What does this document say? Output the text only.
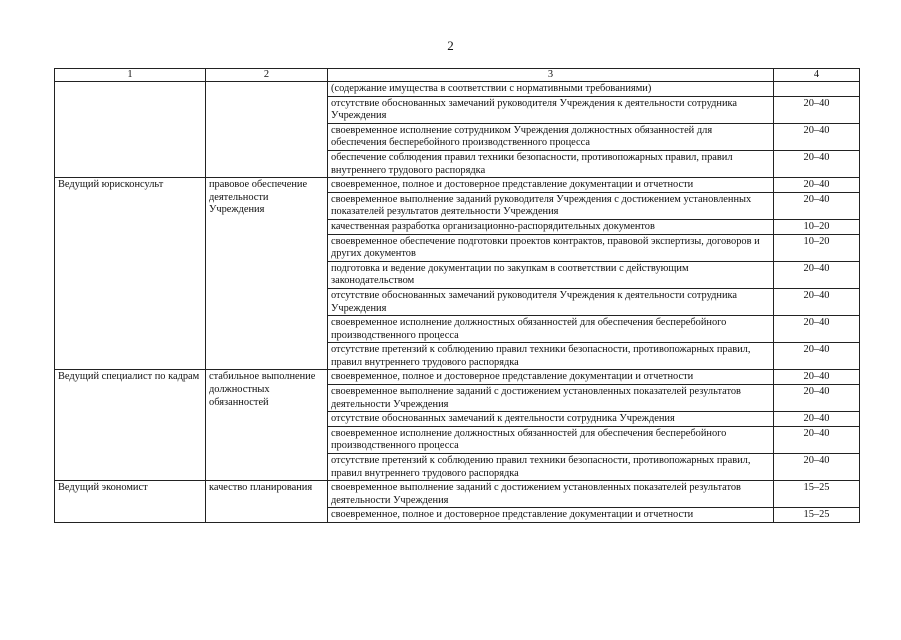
2
1	2	3	4
		(содержание имущества в соответствии с нормативными требованиями)	
		отсутствие обоснованных замечаний руководителя Учреждения к деятельности сотрудника Учреждения	20–40
		своевременное исполнение сотрудником Учреждения должностных обязанностей для обеспечения бесперебойного производственного процесса	20–40
		обеспечение соблюдения правил техники безопасности, противопожарных правил, правил внутреннего трудового распорядка	20–40
Ведущий юрисконсульт	правовое обеспечение деятельности Учреждения	своевременное, полное и достоверное представление документации и отчетности	20–40
		своевременное выполнение заданий руководителя Учреждения с достижением установленных показателей результатов деятельности Учреждения	20–40
		качественная разработка организационно-распорядительных документов	10–20
		своевременное обеспечение подготовки проектов контрактов, правовой экспертизы, договоров и других документов	10–20
		подготовка и ведение документации по закупкам в соответствии с действующим законодательством	20–40
		отсутствие обоснованных замечаний руководителя Учреждения к деятельности сотрудника Учреждения	20–40
		своевременное исполнение должностных обязанностей для обеспечения бесперебойного производственного процесса	20–40
		отсутствие претензий к соблюдению правил техники безопасности, противопожарных правил, правил внутреннего трудового распорядка	20–40
Ведущий специалист по кадрам	стабильное выполнение должностных обязанностей	своевременное, полное и достоверное представление документации и отчетности	20–40
		своевременное выполнение заданий с достижением установленных показателей результатов деятельности Учреждения	20–40
		отсутствие обоснованных замечаний к деятельности сотрудника Учреждения	20–40
		своевременное исполнение должностных обязанностей для обеспечения бесперебойного производственного процесса	20–40
		отсутствие претензий к соблюдению правил техники безопасности, противопожарных правил, правил внутреннего трудового распорядка	20–40
Ведущий экономист	качество планирования	своевременное выполнение заданий с достижением установленных показателей результатов деятельности Учреждения	15–25
		своевременное, полное и достоверное представление документации и отчетности	15–25
